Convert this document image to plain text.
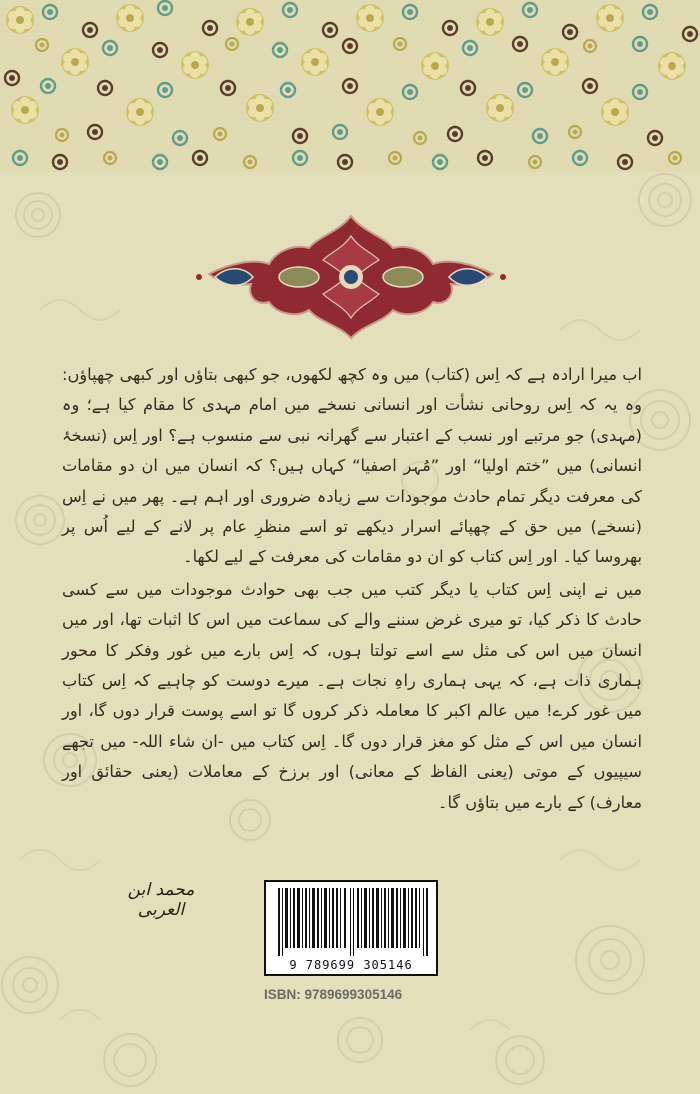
اب میرا ارادہ ہے کہ اِس (کتاب) میں وہ کچھ لکھوں، جو کبھی بتاؤں اور کبھی چھپاؤں: وہ یہ کہ اِس روحانی نشأت اور انسانی نسخے میں امام مہدی کا مقام کیا ہے؛ وہ (مہدی) جو مرتبے اور نسب کے اعتبار سے گھرانہ نبی سے منسوب ہے؟ اور اِس (نسخۂ انسانی) میں ”ختم اولیا“ اور ”مُہر اصفیا“ کہاں ہیں؟ کہ انسان میں ان دو مقامات کی معرفت دیگر تمام حادث موجودات سے زیادہ ضروری اور اہم ہے۔ پھر میں نے اِس (نسخے) میں حق کے چھپائے اسرار دیکھے تو اسے منظرِ عام پر لانے کے لیے اُس پر بھروسا کیا۔ اور اِس کتاب کو ان دو مقامات کی معرفت کے لیے لکھا۔

میں نے اپنی اِس کتاب یا دیگر کتب میں جب بھی حوادث موجودات میں سے کسی حادث کا ذکر کیا، تو میری غرض سننے والے کی سماعت میں اس کا اثبات تھا، اور میں انسان میں اس کی مثل سے اسے تولتا ہوں، کہ اِس بارے میں غور وفکر کا محور ہماری ذات ہے، کہ یہی ہماری راہِ نجات ہے۔ میرے دوست کو چاہیے کہ اِس کتاب میں غور کرے! میں عالم اکبر کا معاملہ ذکر کروں گا تو اسے پوست قرار دوں گا، اور انسان میں اس کے مثل کو مغز قرار دوں گا۔ اِس کتاب میں -ان شاء اللہ- میں تجھے سیپیوں کے موتی (یعنی الفاظ کے معانی) اور برزخ کے معاملات (یعنی حقائق اور معارف) کے بارے میں بتاؤں گا۔

محمد ابن العربی
9 789699 305146
ISBN: 9789699305146
